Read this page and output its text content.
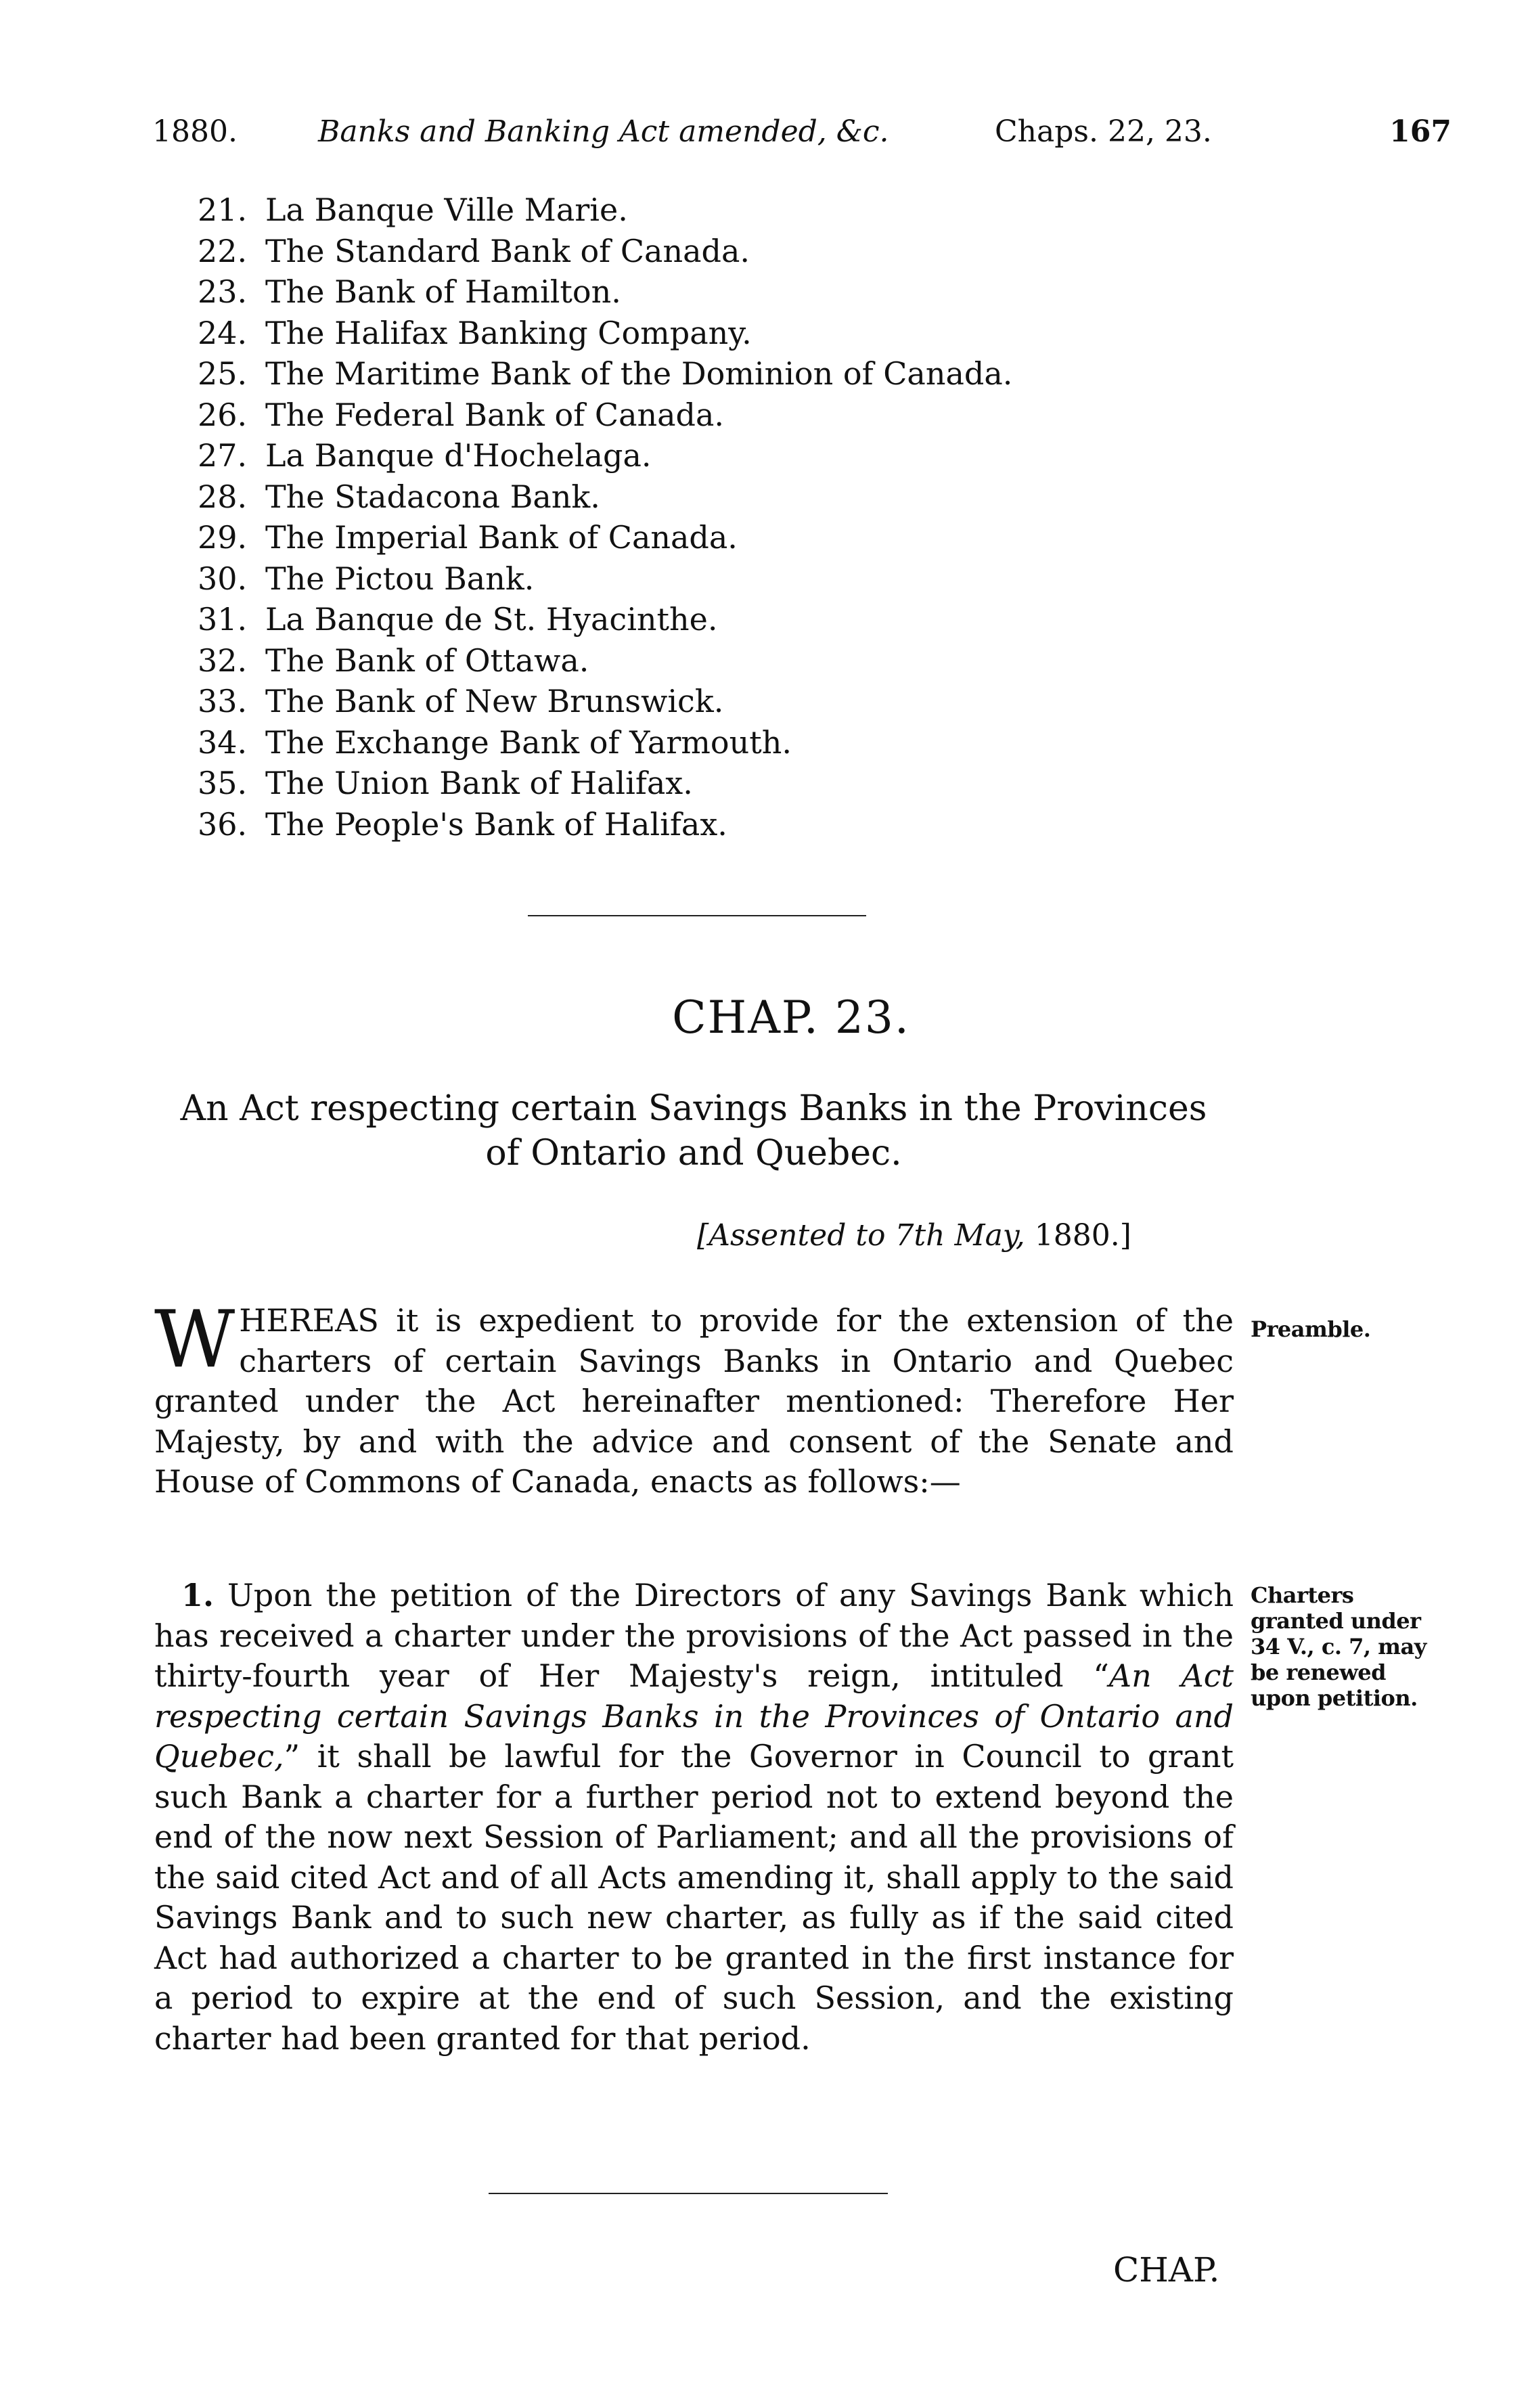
1880.	Banks and Banking Act amended, &c.	Chaps. 22, 23.	167
21. La Banque Ville Marie.
22. The Standard Bank of Canada.
23. The Bank of Hamilton.
24. The Halifax Banking Company.
25. The Maritime Bank of the Dominion of Canada.
26. The Federal Bank of Canada.
27. La Banque d'Hochelaga.
28. The Stadacona Bank.
29. The Imperial Bank of Canada.
30. The Pictou Bank.
31. La Banque de St. Hyacinthe.
32. The Bank of Ottawa.
33. The Bank of New Brunswick.
34. The Exchange Bank of Yarmouth.
35. The Union Bank of Halifax.
36. The People's Bank of Halifax.
CHAP. 23.
An Act respecting certain Savings Banks in the Provinces
of Ontario and Quebec.
[Assented to 7th May, 1880.]
W HEREAS it is expedient to provide for the extension of the charters of certain Savings Banks in Ontario and Quebec granted under the Act hereinafter mentioned: Therefore Her Majesty, by and with the advice and consent of the Senate and House of Commons of Canada, enacts as follows:—
Preamble.
1. Upon the petition of the Directors of any Savings Bank which has received a charter under the provisions of the Act passed in the thirty-fourth year of Her Majesty's reign, intituled “An Act respecting certain Savings Banks in the Provinces of Ontario and Quebec,” it shall be lawful for the Governor in Council to grant such Bank a charter for a further period not to extend beyond the end of the now next Session of Parliament; and all the provisions of the said cited Act and of all Acts amending it, shall apply to the said Savings Bank and to such new charter, as fully as if the said cited Act had authorized a charter to be granted in the first instance for a period to expire at the end of such Session, and the existing charter had been granted for that period.
Charters granted under 34 V., c. 7, may be renewed upon petition.
CHAP.
